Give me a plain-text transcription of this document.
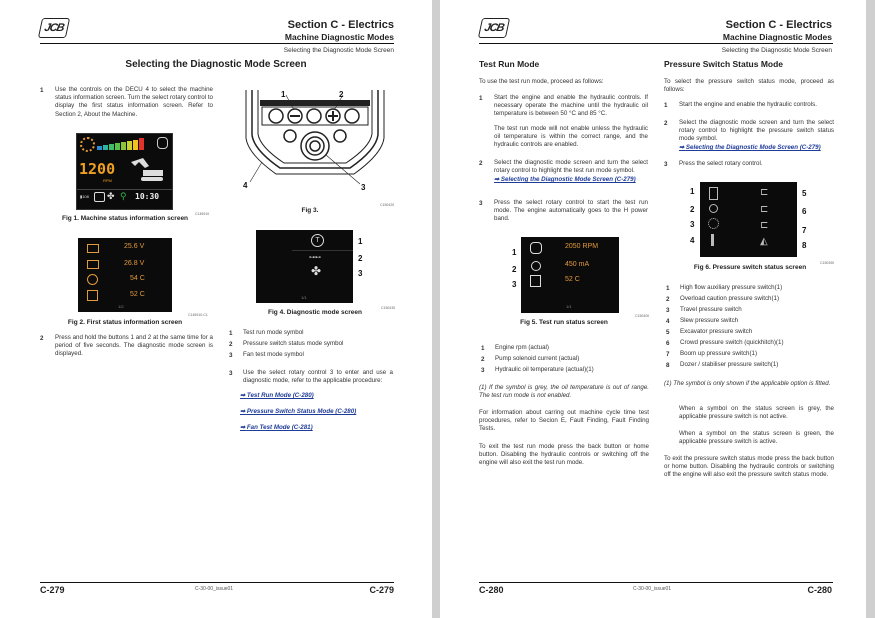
JCB	Section C - Electrics
Machine Diagnostic Modes
Selecting the Diagnostic Mode Screen
Selecting the Diagnostic Mode Screen
1 Use the controls on the DECU 4 to select the machine status information screen. Turn the select rotary control to display the first status information screen. Refer to Section 2, About the Machine.
1200
RPM
▮108 ✤ ⚲ 10:30
C145910
Fig 1. Machine status information screen
25.6 V
26.8 V
54 C
52 C
1/2
C145910-C1
Fig 2. First status information screen
2 Press and hold the buttons 1 and 2 at the same time for a period of five seconds. The diagnostic mode screen is displayed.
1	2
3
4
C150420
Fig 3.
T
⊶⊷
✤
1/1
1
2
3
C150430
Fig 4. Diagnostic mode screen
1 Test run mode symbol
2 Pressure switch status mode symbol
3 Fan test mode symbol
3 Use the select rotary control 3 to enter and use a diagnostic mode, refer to the applicable procedure:
➡ Test Run Mode (C-280)
➡ Pressure Switch Status Mode (C-280)
➡ Fan Test Mode (C-281)
C-279	C-30-00_issue01	C-279
JCB	Section C - Electrics
Machine Diagnostic Modes
Selecting the Diagnostic Mode Screen
Test Run Mode
To use the test run mode, proceed as follows:
1 Start the engine and enable the hydraulic controls. If necessary operate the machine until the hydraulic oil temperature is between 50 °C and 85 °C.
The test run mode will not enable unless the hydraulic oil temperature is within the correct range, and the hydraulic controls are enabled.
2 Select the diagnostic mode screen and turn the select rotary control to highlight the test run mode symbol.
➡ Selecting the Diagnostic Mode Screen (C-279)
3 Press the select rotary control to start the test run mode. The engine automatically goes to the H power band.
2050 RPM
450 mA
52 C
1/1
1
2
3
C150400
Fig 5. Test run status screen
1 Engine rpm (actual)
2 Pump solenoid current (actual)
3 Hydraulic oil temperature (actual)(1)
(1) If the symbol is grey, the oil temperature is out of range. The test run mode is not enabled.
For information about carring out machine cycle time test procedures, refer to Secion E, Fault Finding, Fault Finding Tests.
To exit the test run mode press the back button or home button. Disabling the hydraulic controls or switching off the engine will also exit the test run mode.
Pressure Switch Status Mode
To select the pressure switch status mode, proceed as follows:
1 Start the engine and enable the hydraulic controls.
2 Select the diagnostic mode screen and turn the select rotary control to highlight the pressure switch status mode symbol.
➡ Selecting the Diagnostic Mode Screen (C-279)
3 Press the select rotary control.
⊏
⊏
⊏
◭
1
2
3
4
5
6
7
8
C150390
Fig 6. Pressure switch status screen
1 High flow auxiliary pressure switch(1)
2 Overload caution pressure switch(1)
3 Travel pressure switch
4 Slew pressure switch
5 Excavator pressure switch
6 Crowd pressure switch (quickhitch)(1)
7 Boom up pressure switch(1)
8 Dozer / stabiliser pressure switch(1)
(1) The symbol is only shown if the applicable option is fitted.
When a symbol on the status screen is grey, the applicable pressure switch is not active.
When a symbol on the status screen is green, the applicable pressure switch is active.
To exit the pressure switch status mode press the back button or home button. Disabling the hydraulic controls or switching off the engine will also exit the pressure switch status mode.
C-280	C-30-00_issue01	C-280
